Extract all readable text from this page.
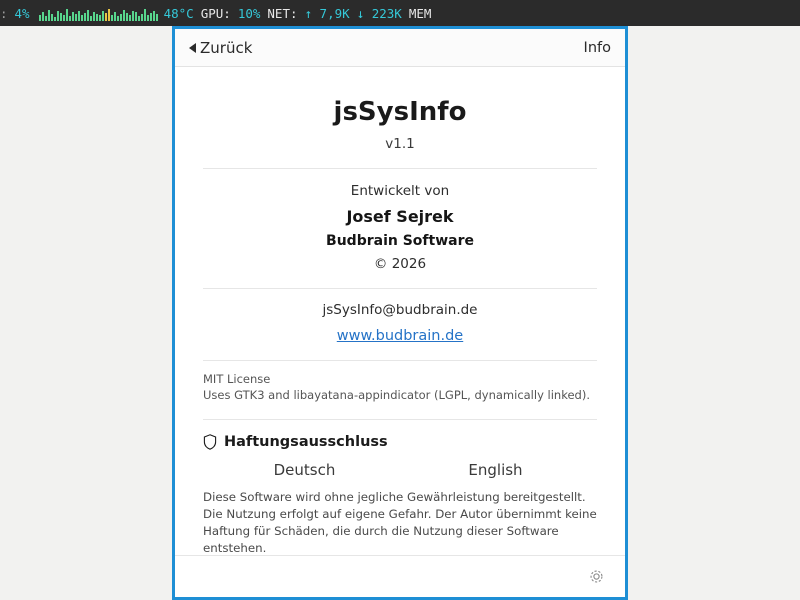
: 4%	48°C GPU: 10% NET: ↑ 7,9K ↓ 223K MEM
Zurück	Info
jsSysInfo
v1.1
Entwickelt von
Josef Sejrek
Budbrain Software
© 2026
jsSysInfo@budbrain.de
www.budbrain.de
MIT License
Uses GTK3 and libayatana-appindicator (LGPL, dynamically linked).
Haftungsausschluss
Deutsch	English
Diese Software wird ohne jegliche Gewährleistung bereitgestellt. Die Nutzung erfolgt auf eigene Gefahr. Der Autor übernimmt keine Haftung für Schäden, die durch die Nutzung dieser Software entstehen.
